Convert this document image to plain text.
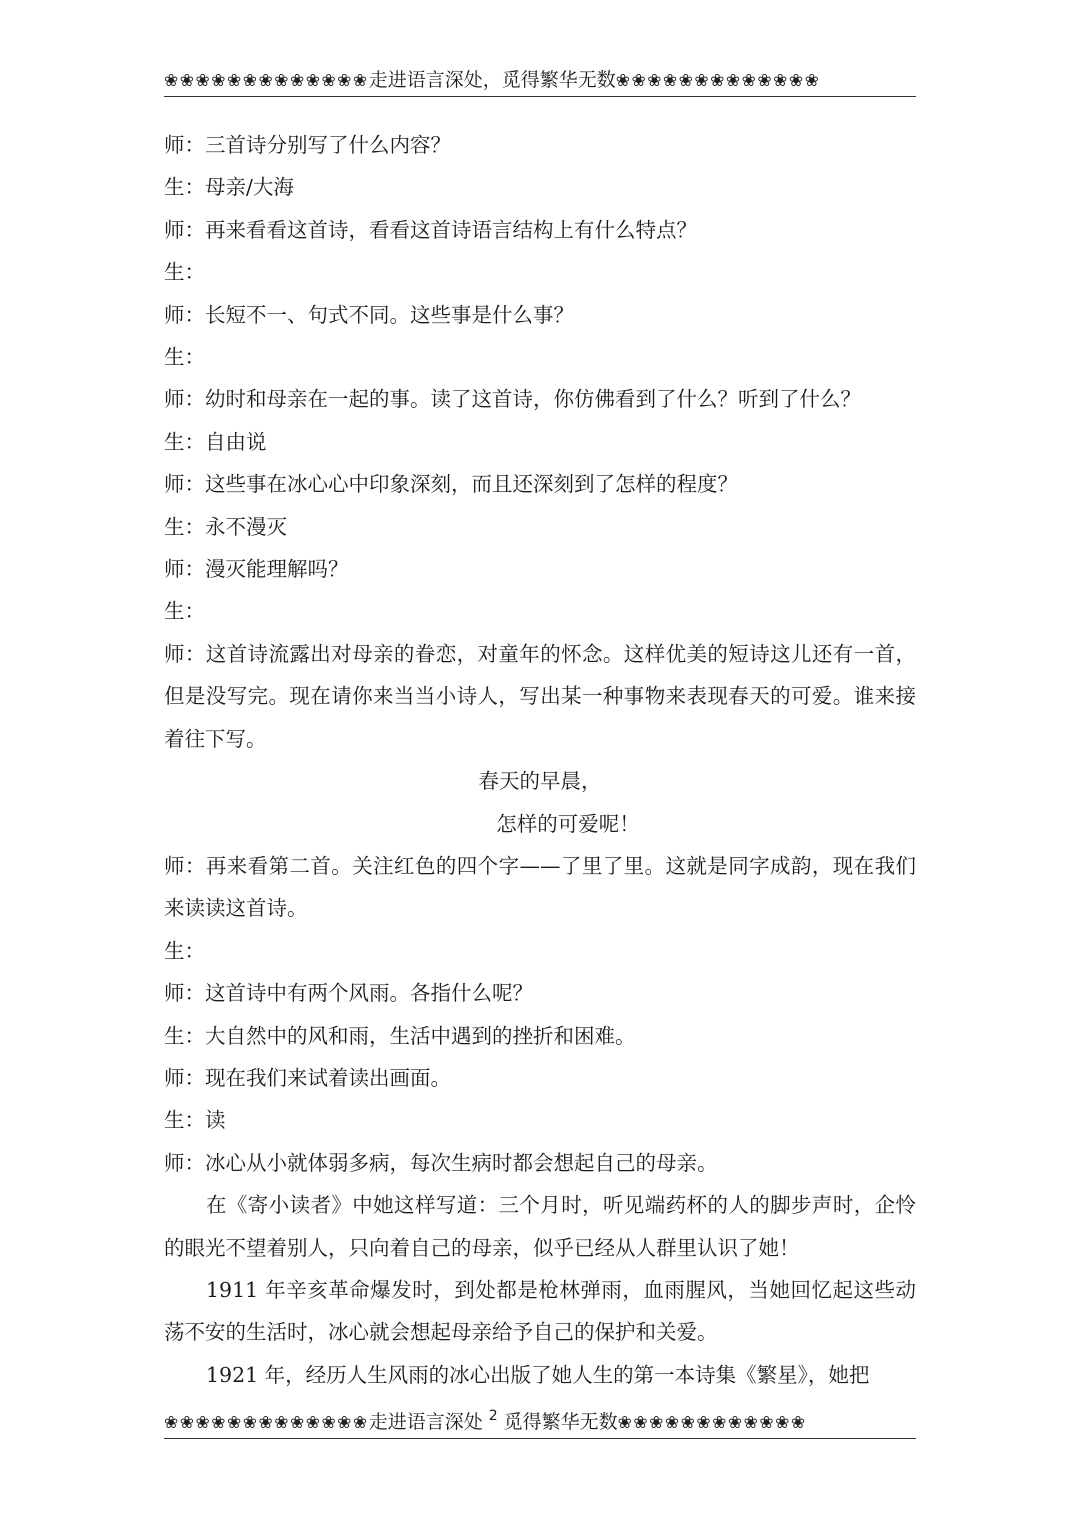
❀❀❀❀❀❀❀❀❀❀❀❀❀走进语言深处，觅得繁华无数❀❀❀❀❀❀❀❀❀❀❀❀❀
师：三首诗分别写了什么内容？
生：母亲/大海
师：再来看看这首诗，看看这首诗语言结构上有什么特点？
生：
师：长短不一、句式不同。这些事是什么事？
生：
师：幼时和母亲在一起的事。读了这首诗，你仿佛看到了什么？听到了什么？
生：自由说
师：这些事在冰心心中印象深刻，而且还深刻到了怎样的程度？
生：永不漫灭
师：漫灭能理解吗？
生：
师：这首诗流露出对母亲的眷恋，对童年的怀念。这样优美的短诗这儿还有一首，但是没写完。现在请你来当当小诗人，写出某一种事物来表现春天的可爱。谁来接着往下写。
春天的早晨，
怎样的可爱呢！
师：再来看第二首。关注红色的四个字——了里了里。这就是同字成韵，现在我们来读读这首诗。
生：
师：这首诗中有两个风雨。各指什么呢？
生：大自然中的风和雨，生活中遇到的挫折和困难。
师：现在我们来试着读出画面。
生：读
师：冰心从小就体弱多病，每次生病时都会想起自己的母亲。
在《寄小读者》中她这样写道：三个月时，听见端药杯的人的脚步声时，企怜的眼光不望着别人，只向着自己的母亲，似乎已经从人群里认识了她！
1911 年辛亥革命爆发时，到处都是枪林弹雨，血雨腥风，当她回忆起这些动荡不安的生活时，冰心就会想起母亲给予自己的保护和关爱。
1921 年，经历人生风雨的冰心出版了她人生的第一本诗集《繁星》，她把
❀❀❀❀❀❀❀❀❀❀❀❀❀走进语言深处 $^2$ 觅得繁华无数❀❀❀❀❀❀❀❀❀❀❀❀
